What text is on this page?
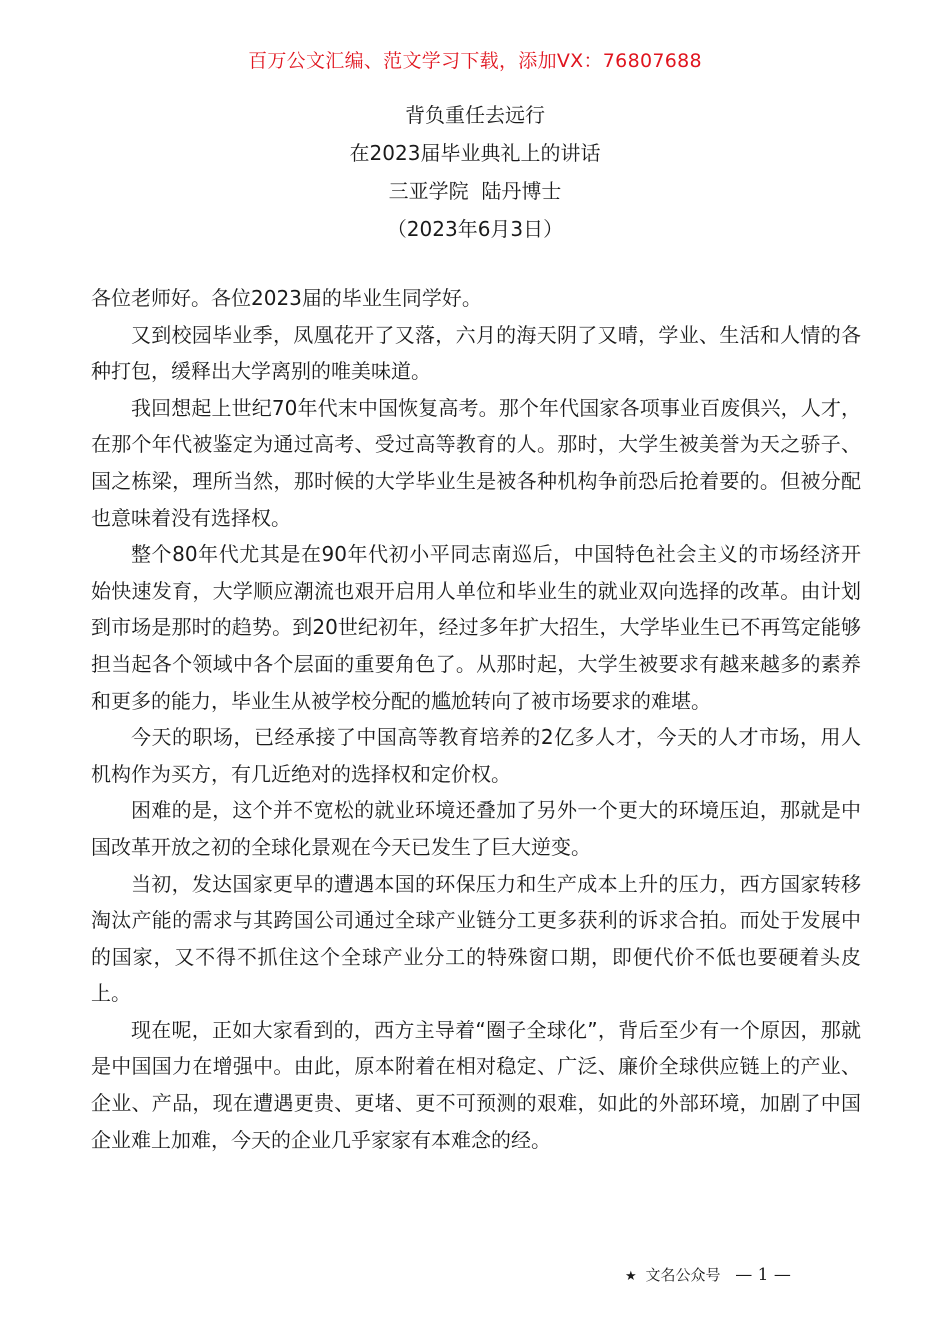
百万公文汇编、范文学习下载，添加VX：76807688
背负重任去远行
在2023届毕业典礼上的讲话
三亚学院  陆丹博士
（2023年6月3日）

各位老师好。各位2023届的毕业生同学好。

又到校园毕业季，凤凰花开了又落，六月的海天阴了又晴，学业、生活和人情的各种打包，缓释出大学离别的唯美味道。

我回想起上世纪70年代末中国恢复高考。那个年代国家各项事业百废俱兴，人才，在那个年代被鉴定为通过高考、受过高等教育的人。那时，大学生被美誉为天之骄子、国之栋梁，理所当然，那时候的大学毕业生是被各种机构争前恐后抢着要的。但被分配也意味着没有选择权。

整个80年代尤其是在90年代初小平同志南巡后，中国特色社会主义的市场经济开始快速发育，大学顺应潮流也艰开启用人单位和毕业生的就业双向选择的改革。由计划到市场是那时的趋势。到20世纪初年，经过多年扩大招生，大学毕业生已不再笃定能够担当起各个领域中各个层面的重要角色了。从那时起，大学生被要求有越来越多的素养和更多的能力，毕业生从被学校分配的尴尬转向了被市场要求的难堪。

今天的职场，已经承接了中国高等教育培养的2亿多人才，今天的人才市场，用人机构作为买方，有几近绝对的选择权和定价权。

困难的是，这个并不宽松的就业环境还叠加了另外一个更大的环境压迫，那就是中国改革开放之初的全球化景观在今天已发生了巨大逆变。

当初，发达国家更早的遭遇本国的环保压力和生产成本上升的压力，西方国家转移淘汰产能的需求与其跨国公司通过全球产业链分工更多获利的诉求合拍。而处于发展中的国家，又不得不抓住这个全球产业分工的特殊窗口期，即便代价不低也要硬着头皮上。

现在呢，正如大家看到的，西方主导着“圈子全球化”，背后至少有一个原因，那就是中国国力在增强中。由此，原本附着在相对稳定、广泛、廉价全球供应链上的产业、企业、产品，现在遭遇更贵、更堵、更不可预测的艰难，如此的外部环境，加剧了中国企业难上加难，今天的企业几乎家家有本难念的经。

★ 文名公众号 — 1 —
